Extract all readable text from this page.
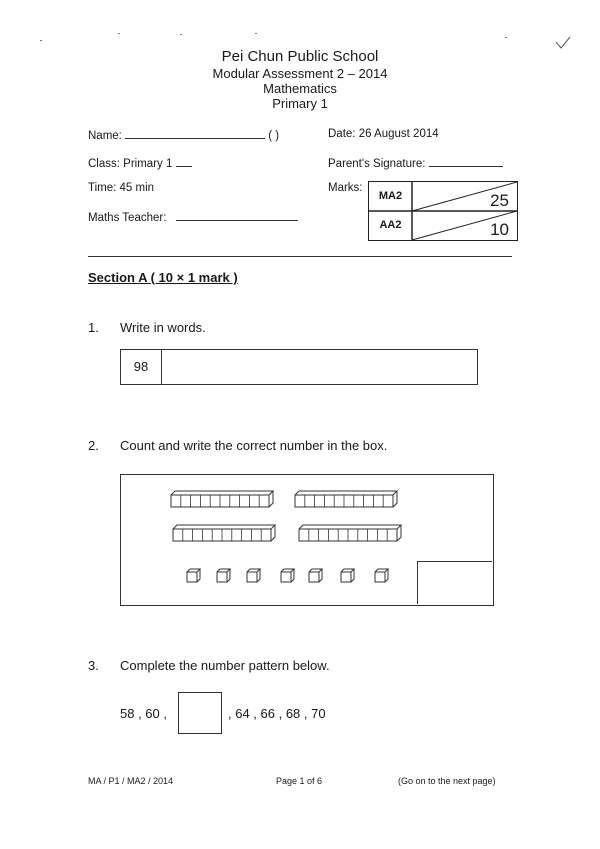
Pei Chun Public School
Modular Assessment 2 – 2014
Mathematics
Primary 1
Name:	( )
Class: Primary 1
Time: 45 min
Maths Teacher:
Date: 26 August 2014
Parent's Signature:
Marks:
MA2	25
AA2	10
Section A ( 10 × 1 mark )
1. Write in words.
98
2. Count and write the correct number in the box.
3. Complete the number pattern below.
58 , 60 ,	, 64 , 66 , 68 , 70
MA / P1 / MA2 / 2014	Page 1 of 6	(Go on to the next page)
